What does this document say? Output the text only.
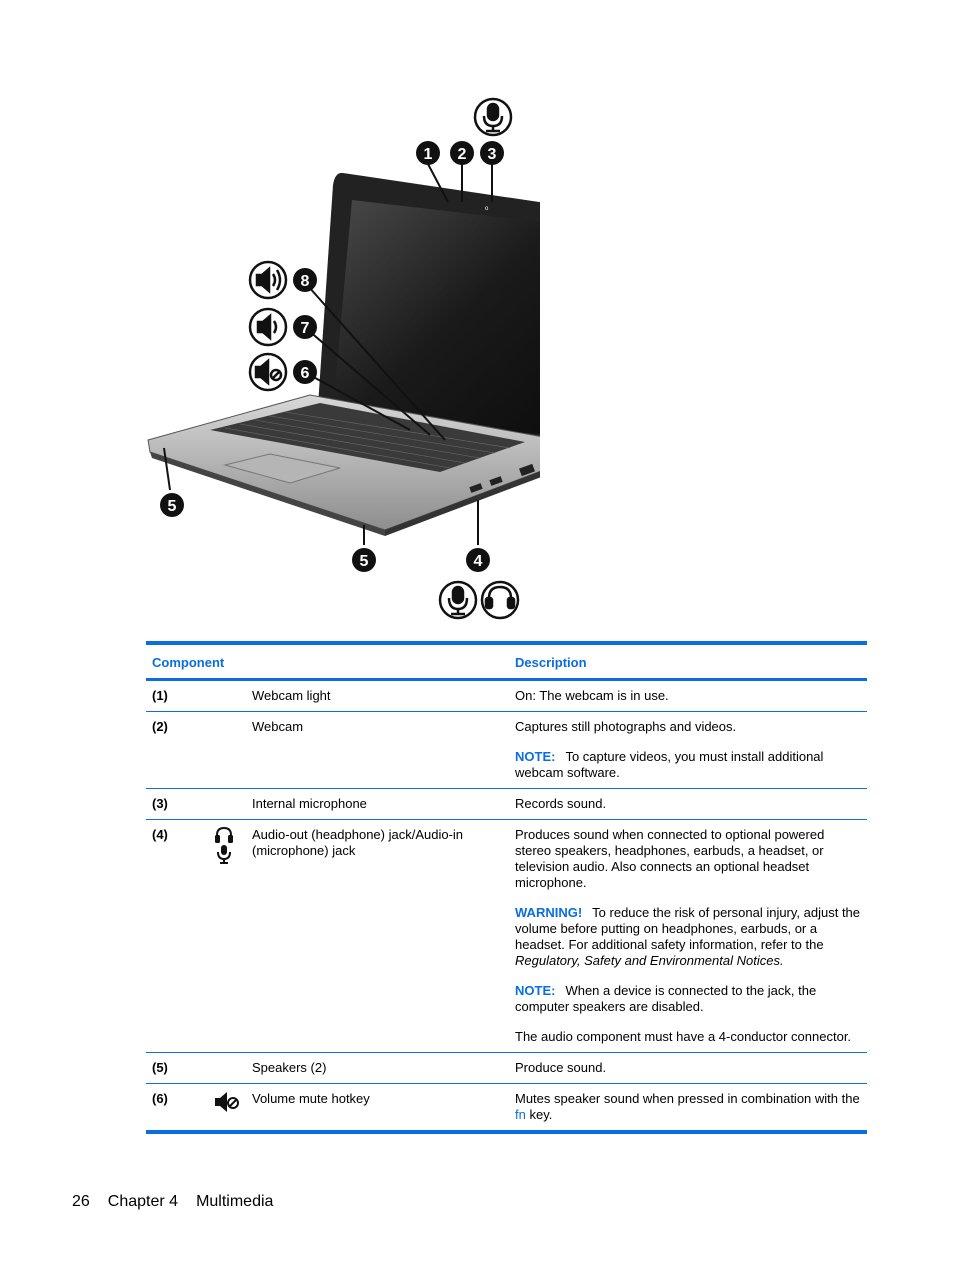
o
1 2 3
4
5
5
6
7
8
Component			Description
(1)		Webcam light	On: The webcam is in use.

(2)		Webcam	Captures still photographs and videos.

NOTE: To capture videos, you must install additional webcam software.

(3)		Internal microphone	Records sound.

(4)		Audio-out (headphone) jack/Audio-in (microphone) jack	Produces sound when connected to optional powered stereo speakers, headphones, earbuds, a headset, or television audio. Also connects an optional headset microphone.

WARNING! To reduce the risk of personal injury, adjust the volume before putting on headphones, earbuds, or a headset. For additional safety information, refer to the Regulatory, Safety and Environmental Notices.

NOTE: When a device is connected to the jack, the computer speakers are disabled.

The audio component must have a 4-conductor connector.

(5)		Speakers (2)	Produce sound.

(6)		Volume mute hotkey	Mutes speaker sound when pressed in combination with the fn key.

26 Chapter 4 Multimedia
